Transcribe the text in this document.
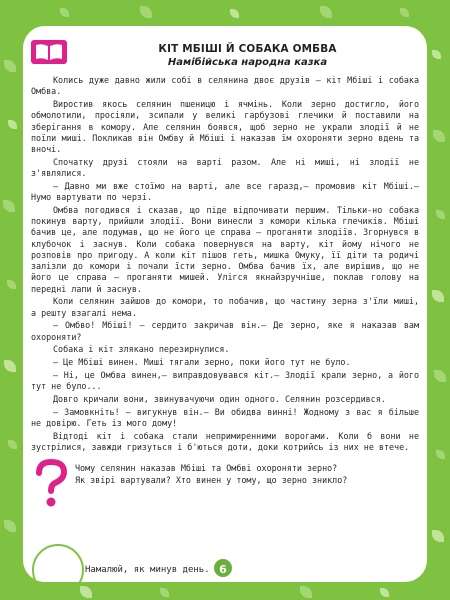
КІТ МБІШІ Й СОБАКА ОМБВА
Намібійська народна казка

Колись дуже давно жили собі в селянина двоє друзів — кіт Мбіші і собака Омбва.

Виростив якось селянин пшеницю і ячмінь. Коли зерно достигло, його обмолотили, просіяли, зсипали у великі гарбузові глечики й поставили на зберігання в комору. Але селянин боявся, щоб зерно не украли злодії й не поїли миші. Покликав він Омбву й Мбіші і наказав їм охороняти зерно вдень та вночі.

Спочатку друзі стояли на варті разом. Але ні миші, ні злодії не з'являлися.

— Давно ми вже стоїмо на варті, але все гаразд,— промовив кіт Мбіші.— Нумо вартувати по черзі.

Омбва погодився і сказав, що піде відпочивати першим. Тільки-но собака покинув варту, прийшли злодії. Вони винесли з комори кілька глечиків. Мбіші бачив це, але подумав, що не його це справа — проганяти злодіїв. Згорнувся в клубочок і заснув. Коли собака повернувся на варту, кіт йому нічого не розповів про пригоду. А коли кіт пішов геть, мишка Омуку, її діти та родичі залізли до комори і почали їсти зерно. Омбва бачив їх, але вирішив, що не його це справа — проганяти мишей. Улігся якнайзручніше, поклав голову на передні лапи й заснув.

Коли селянин зайшов до комори, то побачив, що частину зерна з'їли миші, а решту взагалі нема.

— Омбво! Мбіші! — сердито закричав він.— Де зерно, яке я наказав вам охороняти?

Собака і кіт злякано перезирнулися.

— Це Мбіші винен. Миші тягали зерно, поки його тут не було.

— Ні, це Омбва винен,— виправдовувався кіт.— Злодії крали зерно, а його тут не було...

Довго кричали вони, звинувачуючи один одного. Селянин розсердився.

— Замовкніть! — вигукнув він.— Ви обидва винні! Жодному з вас я більше не довірю. Геть із мого дому!

Відтоді кіт і собака стали непримиренними ворогами. Коли б вони не зустрілися, завжди гризуться і б'ються доти, доки котрийсь із них не втече.

Чому селянин наказав Мбіші та Омбві охороняти зерно?
Як звірі вартували? Хто винен у тому, що зерно зникло?
Намалюй, як минув день. 6
